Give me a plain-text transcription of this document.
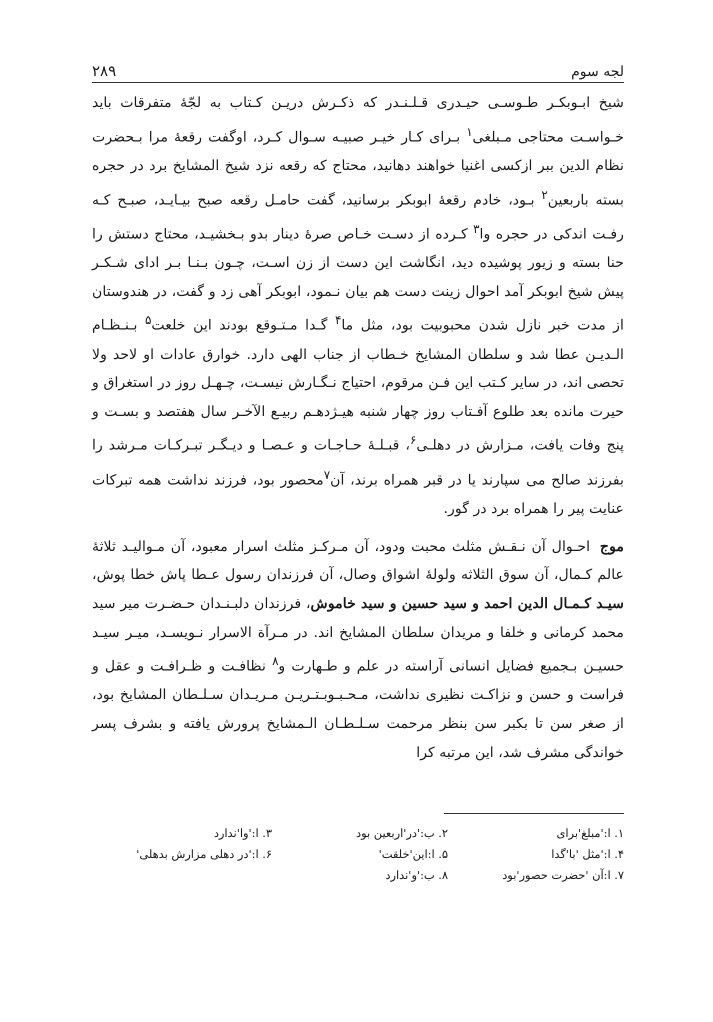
لجه سوم
۲۸۹

شیخ ابـوبکـر طـوسـی حیـدری قـلـنـدر که ذکـرش دریـن کـتاب به لجّهٔ متفرقات باید خـواسـت محتاجی مـبلغی$^۱$ بـرای کـار خیـر صبیـه سـوال کـرد، اوگفت رقعهٔ مرا بـحضرت نظام الدین ببر ازکسی اغنیا خواهند دهانید، محتاج که رقعه نزد شیخ المشایخ برد در حجره بسته باربعین$^۲$ بـود، خادم رقعهٔ ابوبکر برسانید، گفت حامـل رقعه صبح بیـایـد، صبـح کـه رفـت اندکی در حجره وا$^۳$ کـرده از دسـت خـاص صرهٔ دینار بدو بـخشیـد، محتاج دستش را حنا بسته و زیور پوشیده دید، انگاشت این دست از زن اسـت، چـون بـنـا بـر ادای شـکـر پیش شیخ ابوبکر آمد احوال زینت دست هم بیان نـمود، ابوبکر آهی زد و گفت، در هندوستان از مدت خبر نازل شدن محبوبیت بود، مثل ما$^۴$ گـدا مـتـوقع بودند این خلعت$^۵$ بـنـظـام الـدیـن عطا شد و سلطان المشایخ خـطاب از جناب الهی دارد. خوارق عادات او لاحد ولا تحصی اند، در سایر کـتب این فـن مرقوم، احتیاج نـگـارش نیسـت، چـهـل روز در استغراق و حیرت مانده بعد طلوع آفـتاب روز چهار شنبه هیـژدهـم ربیـع الآخـر سال هفتصد و بسـت و پنج وفات یافت، مـزارش در دهلـی$^۶$، قبـلـهٔ حـاجـات و عـصـا و دیـگـر تبـرکـات مـرشد را بفرزند صالح می سپارند یا در قبر همراه برند، آن$^۷$محصور بود، فرزند نداشت همه تبرکات عنایت پیر را همراه برد در گور.

موج احـوال آن نـقـش مثلث محبت ودود، آن مـرکـز مثلث اسرار معبود، آن مـوالیـد ثلاثهٔ عالم کـمال، آن سوق الثلاثه ولولهٔ اشواق وصال، آن فرزندان رسول عـطا پاش خطا پوش، سیـد کـمـال الدین احمد و سید حسین و سید خاموش، فرزندان دلبـنـدان حـضـرت میر سید محمد کرمانی و خلفا و مریدان سلطان المشایخ اند. در مـرآة الاسرار نـویسـد، میـر سیـد حسیـن بـجمیع فضایل انسانی آراسته در علم و طـهارت و$^۸$ نظافـت و ظـرافـت و عقل و فراست و حسن و نزاکـت نظیری نداشت، مـحـبـوبـتـریـن مـریـدان سـلـطان المشایخ بود، از صغر سن تا بکبر سن بنظر مرحمت سـلـطـان الـمشایخ پرورش یافته و بشرف پسر خواندگی مشرف شد، این مرتبه کرا

۱. ا:'مبلغ'برای
۲. ب:'در'اربعین بود
۳. ا:'وا'ندارد
۴. ا:'مثل 'با'گدا
۵. ا:این'خلقت'
۶. ا:'در دهلی مزارش بدهلی'
۷. ا:آن 'حضرت حصور'بود
۸. ب:'و'ندارد
